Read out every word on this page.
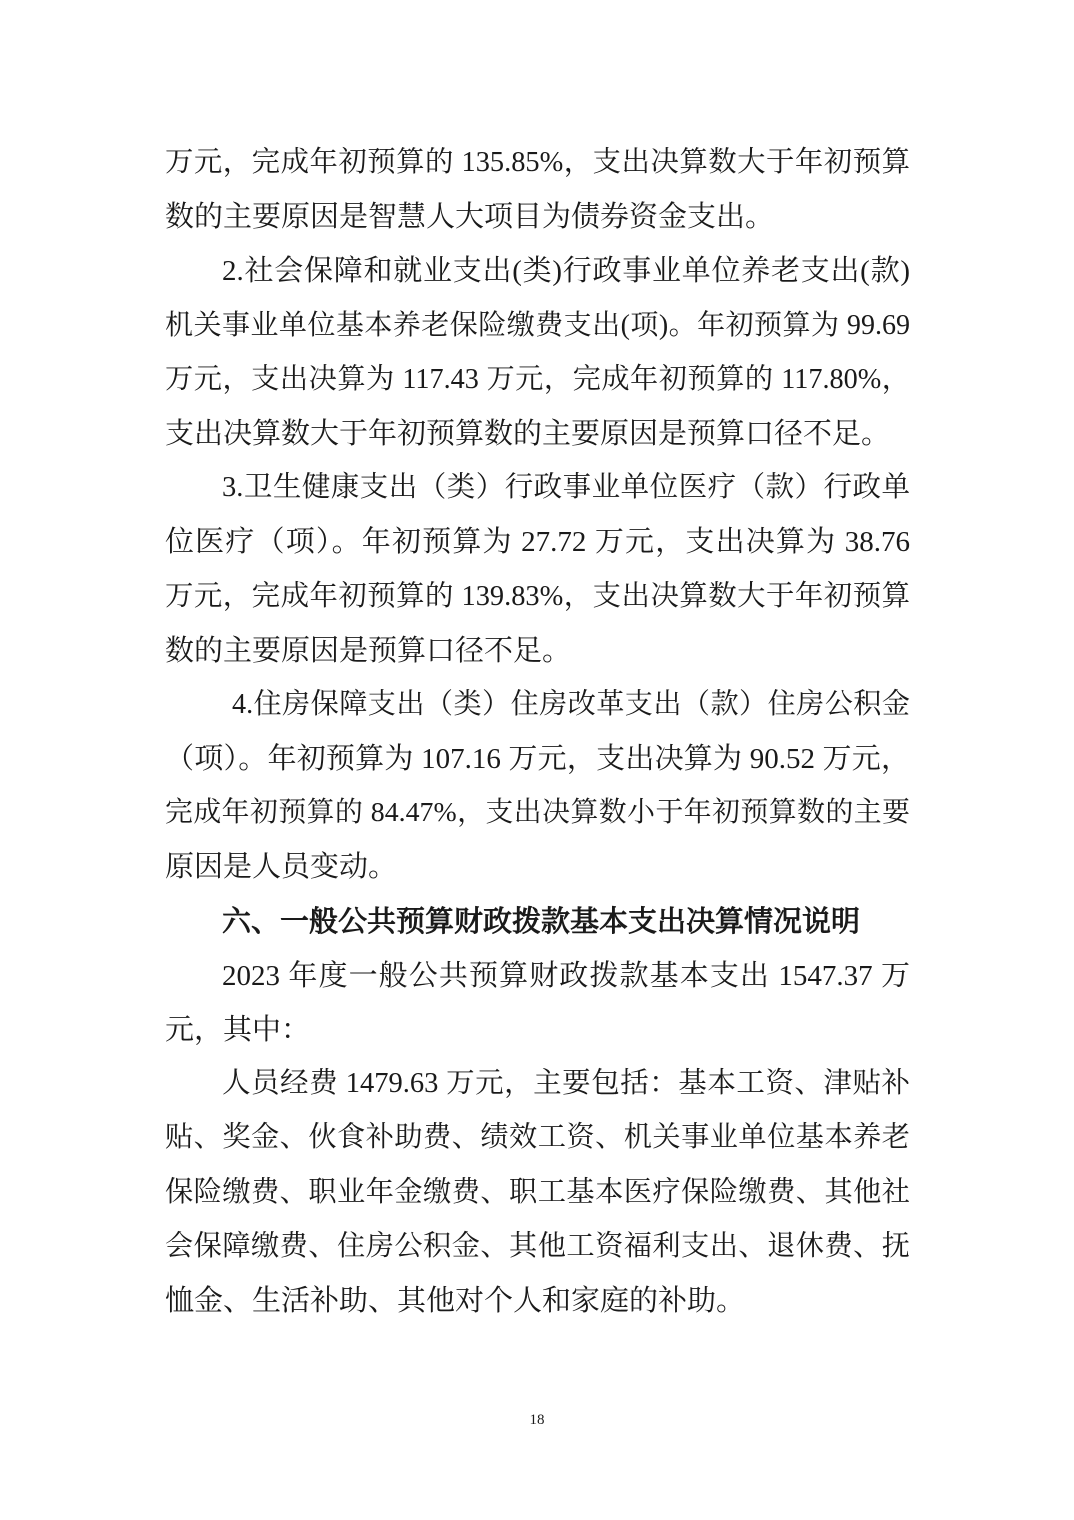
万元，完成年初预算的 135.85%，支出决算数大于年初预算
数的主要原因是智慧人大项目为债券资金支出。
2.社会保障和就业支出(类)行政事业单位养老支出(款)
机关事业单位基本养老保险缴费支出(项)。年初预算为 99.69
万元，支出决算为 117.43 万元，完成年初预算的 117.80%，
支出决算数大于年初预算数的主要原因是预算口径不足。
3.卫生健康支出（类）行政事业单位医疗（款）行政单
位医疗（项）。年初预算为 27.72 万元，支出决算为 38.76
万元，完成年初预算的 139.83%，支出决算数大于年初预算
数的主要原因是预算口径不足。
4.住房保障支出（类）住房改革支出（款）住房公积金
（项）。年初预算为 107.16 万元，支出决算为 90.52 万元，
完成年初预算的 84.47%，支出决算数小于年初预算数的主要
原因是人员变动。
六、一般公共预算财政拨款基本支出决算情况说明
2023 年度一般公共预算财政拨款基本支出 1547.37 万
元，其中：
人员经费 1479.63 万元，主要包括：基本工资、津贴补
贴、奖金、伙食补助费、绩效工资、机关事业单位基本养老
保险缴费、职业年金缴费、职工基本医疗保险缴费、其他社
会保障缴费、住房公积金、其他工资福利支出、退休费、抚
恤金、生活补助、其他对个人和家庭的补助。
18
